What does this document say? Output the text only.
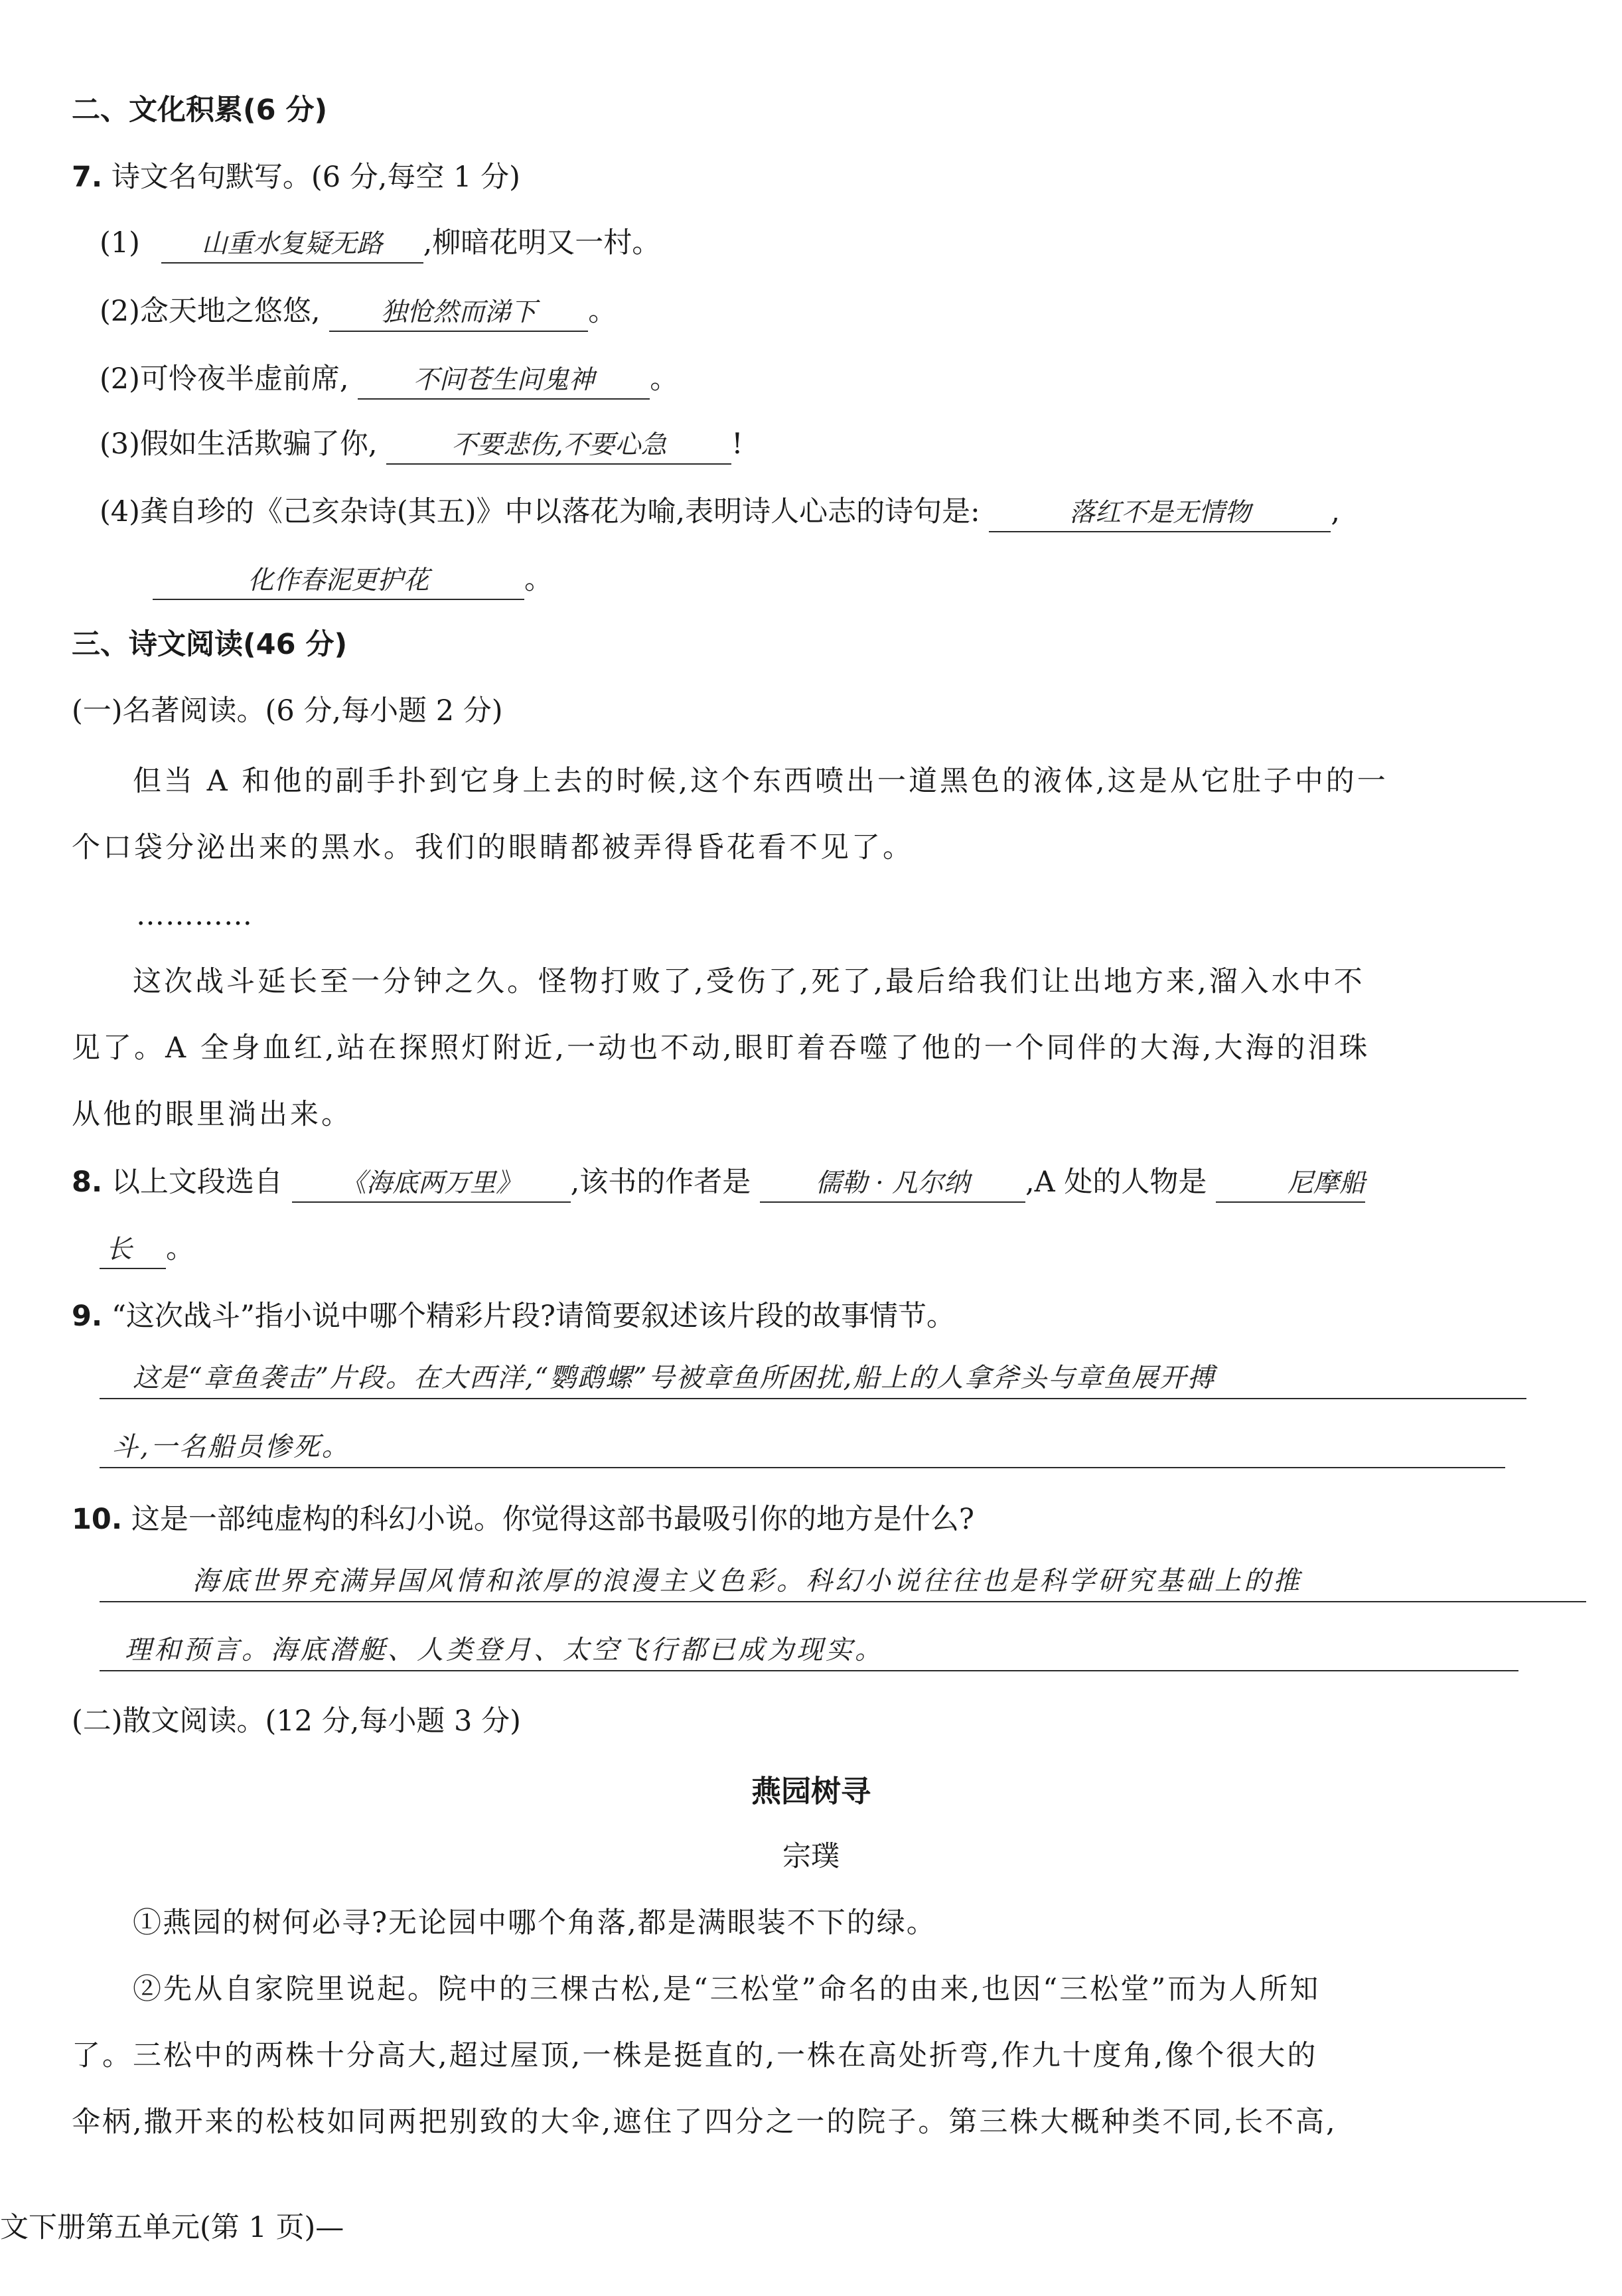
二、文化积累(6 分)
7. 诗文名句默写。(6 分,每空 1 分)
(1) 山重水复疑无路 ,柳暗花明又一村。
(2)念天地之悠悠, 独怆然而涕下 。
(2)可怜夜半虚前席, 不问苍生问鬼神 。
(3)假如生活欺骗了你,	不要悲伤,不要心急 !
(4)龚自珍的《己亥杂诗(其五)》中以落花为喻,表明诗人心志的诗句是:	落红不是无情物	,
化作春泥更护花	。
三、诗文阅读(46 分)
(一)名著阅读。(6 分,每小题 2 分)
但当 A 和他的副手扑到它身上去的时候,这个东西喷出一道黑色的液体,这是从它肚子中的一
个口袋分泌出来的黑水。我们的眼睛都被弄得昏花看不见了。
…………
这次战斗延长至一分钟之久。怪物打败了,受伤了,死了,最后给我们让出地方来,溜入水中不
见了。A 全身血红,站在探照灯附近,一动也不动,眼盯着吞噬了他的一个同伴的大海,大海的泪珠
从他的眼里淌出来。
8. 以上文段选自 《海底两万里》 ,该书的作者是	儒勒 · 凡尔纳 ,A 处的人物是	尼摩船
长 。
9. “这次战斗”指小说中哪个精彩片段?请简要叙述该片段的故事情节。
这是“章鱼袭击”片段。在大西洋,“鹦鹉螺”号被章鱼所困扰,船上的人拿斧头与章鱼展开搏
斗,一名船员惨死。
10. 这是一部纯虚构的科幻小说。你觉得这部书最吸引你的地方是什么?
海底世界充满异国风情和浓厚的浪漫主义色彩。科幻小说往往也是科学研究基础上的推
理和预言。海底潜艇、人类登月、太空飞行都已成为现实。
(二)散文阅读。(12 分,每小题 3 分)
燕园树寻
宗璞
①燕园的树何必寻?无论园中哪个角落,都是满眼装不下的绿。
②先从自家院里说起。院中的三棵古松,是“三松堂”命名的由来,也因“三松堂”而为人所知
了。三松中的两株十分高大,超过屋顶,一株是挺直的,一株在高处折弯,作九十度角,像个很大的
伞柄,撒开来的松枝如同两把别致的大伞,遮住了四分之一的院子。第三株大概种类不同,长不高,
文下册第五单元(第 1 页)—
